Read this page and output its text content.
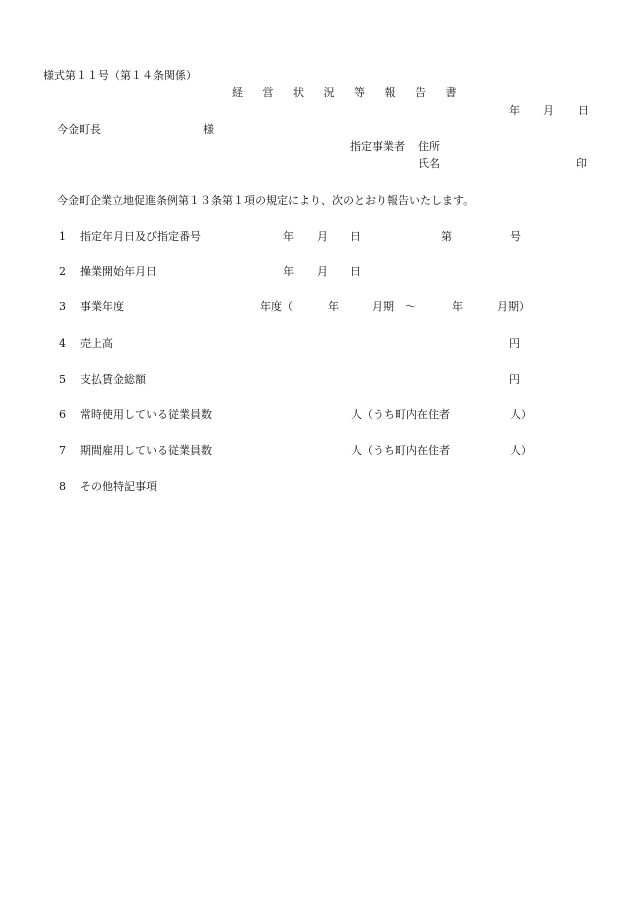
様式第１１号（第１４条関係）
経 営 状 況 等 報 告 書
年 月 日
今金町長	様
指定事業者 住所
氏名	印
今金町企業立地促進条例第１３条第１項の規定により、次のとおり報告いたします。
1 指定年月日及び指定番号	年 月 日	第	号
2 操業開始年月日	年 月 日
3 事業年度	年度（	年	月期 ～	年	月期）
4 売上高	円
5 支払賃金総額	円
6 常時使用している従業員数	人（うち町内在住者	人）
7 期間雇用している従業員数	人（うち町内在住者	人）
8 その他特記事項
